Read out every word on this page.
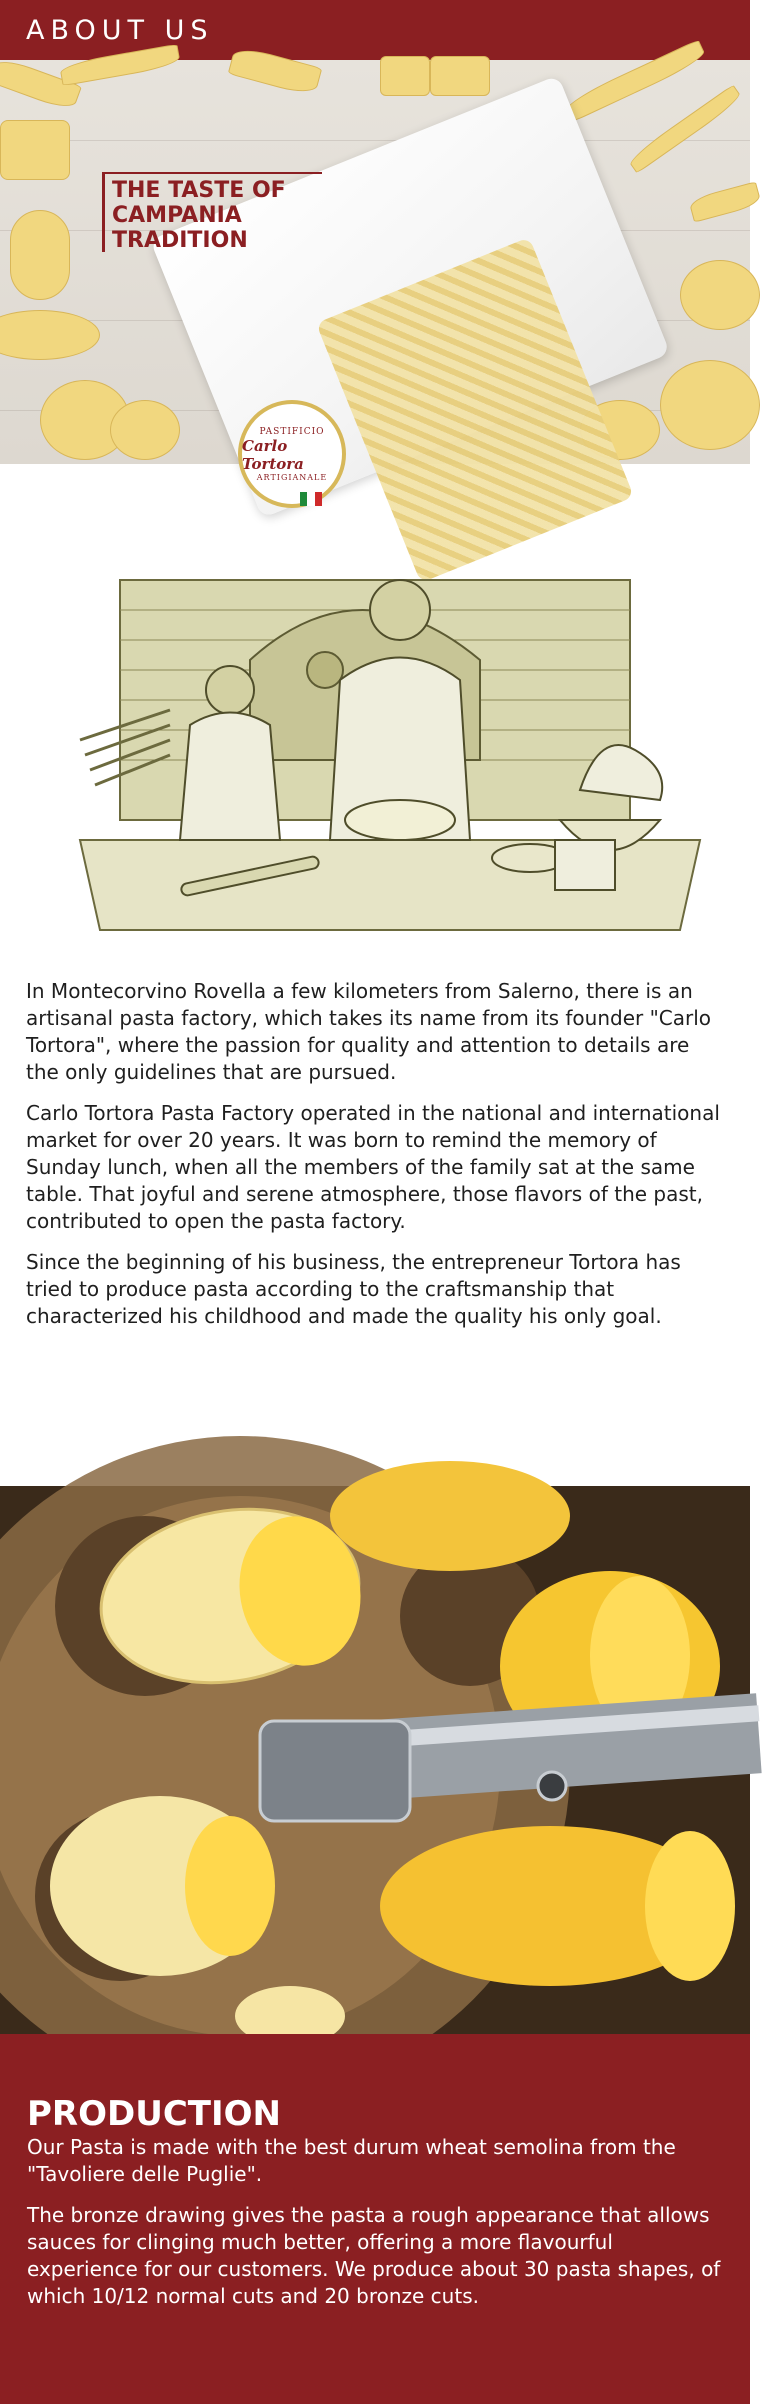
ABOUT US
PASTIFICIO
Carlo Tortora
ARTIGIANALE
THE TASTE OF CAMPANIA TRADITION

In Montecorvino Rovella a few kilometers from Salerno, there is an artisanal pasta factory, which takes its name from its founder "Carlo Tortora", where the passion for quality and attention to details are the only guidelines that are pursued.

Carlo Tortora Pasta Factory operated in the national and international market for over 20 years. It was born to remind the memory of Sunday lunch, when all the members of the family sat at the same table. That joyful and serene atmosphere, those flavors of the past, contributed to open the pasta factory.

Since the beginning of his business, the entrepreneur Tortora has tried to produce pasta according to the craftsmanship that characterized his childhood and made the quality his only goal.

PRODUCTION

Our Pasta is made with the best durum wheat semolina from the "Tavoliere delle Puglie".

The bronze drawing gives the pasta a rough appearance that allows sauces for clinging much better, offering a more flavourful experience for our customers. We produce about 30 pasta shapes, of which 10/12 normal cuts and 20 bronze cuts.
